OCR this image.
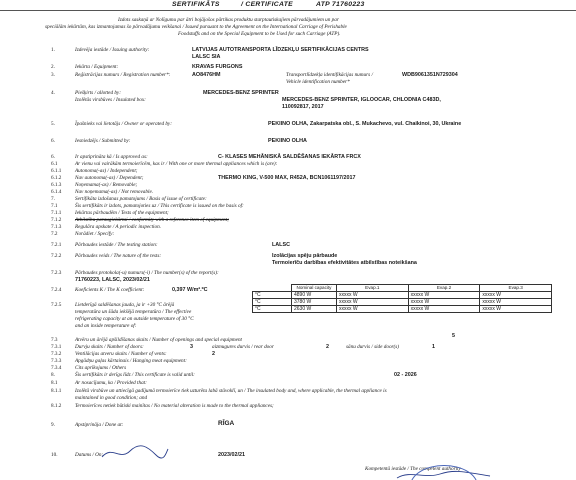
SERTIFIKĀTS	/ CERTIFICATE	ATP 71760223
Izdots saskaņā ar Nolīgumu par ātri bojājošos pārtikas produktu starptautiskajiem pārvadājumiem un par
speciālām iekārtām, kas izmantojamas šo pārvadājumu veikšanai / Issued pursuant to the Agreement on the International Carriage of Perishable
Foodstuffs and on the Special Equipment to be Used for such Carriage (ATP).
1.	Izdevēja iestāde / Issuing authority:	LATVIJAS AUTOTRANSPORTA LĪDZEKĻU SERTIFIKĀCIJAS CENTRS
LALSC SIA
2.	Iekārta / Equipment:	KRAVAS FURGONS
3.	Reģistrācijas numurs / Registration number*:	AO8476HM	Transportlīdzekļa identifikācijas numurs /
Vehicle identification number*
WDB9061351N729304
4.	Piešķirts / allotted by:	MERCEDES-BENZ SPRINTER
Izolētās virsbūves / Insulated box:	MERCEDES-BENZ SPRINTER, IGLOOCAR, CHLODNIA C483D,
110092817, 2017
5.	Īpašnieks vai lietotājs / Owner or operated by:	PEKIINO OLHA, Zakarpatska obl., S. Mukachevo, vul. Chaikinoi, 30, Ukraine
6.	Iesniedzējs / Submitted by:	PEKIINO OLHA
6.	Ir apstiprināta kā / Is approved as:	C- KLASES MEHĀNISKĀ SALDĒŠANAS IEKĀRTA FRCX
6.1	Ar vienu vai vairākām termoierīcēm, kas ir / With one or more thermal appliances which is (are):
6.1.1	Autonoma(-as) / Independent;
6.1.2	Nav autonoma(-as) / Dependent;	THERMO KING, V-500 MAX, R452A, BCN1061197/2017
6.1.3	Noņemama(-as) / Removable;
6.1.4	Nav noņemama(-as) / Not removable.
7.	Sertifikāta izdošanas pamatojums / Basis of issue of certificate:
7.1	Šis sertifikāts ir izdots, pamatojoties uz / This certificate is issued on the basis of:
7.1.1	Iekārtas pārbaudēm / Tests of the equipment;
7.1.2	Atbilstību paraugiekārtai / conformity with a reference item of equipment;
7.1.3	Regulāra apskate / A periodic inspection.
7.2	Norādiet / Specify:
7.2.1	Pārbaudes iestāde / The testing station:	LALSC
7.2.2	Pārbaudes veids / The nature of the tests:	Izolācijas spēju pārbaude
Termoierīču darbības efektivitātes atbilstības noteikšana
7.2.3	Pārbaudes protokola(-u) numurs(-i) / The number(s) of the report(s):
71760223, LALSC, 2023/02/21
7.2.4	Koeficients K / The K coefficient:	0,397 W/m².ºC
7.2.5	Lietderīgā saldēšanas jauda, ja ir +30 °C ārējā
temperatūra un šāda iekšējā temperatūra / The effective
refrigerating capacity at an outside temperature of 30 °C
and an inside temperature of:
	Nominal capacity	Evap.1	Evap.2	Evap.3
°C	4890 W	xxxxx W	xxxxx W	xxxxx W
°C	3780 W	xxxxx W	xxxxx W	xxxxx W
°C	2630 W	xxxxx W	xxxxx W	xxxxx W
7.3	Atvēru un ārējā apšildīšanas skaits / Number of openings and special equipment
5
7.3.1	Durvju skaits / Number of doors:	3	aizmugures durvis / rear door	2	sānu durvis / side door(s)	1
7.3.2	Ventilācijas atveru skaits / Number of vents:	2
7.3.3	Apgādņu gaļas kārtainais / Hanging meat equipment:
7.3.4	Cits aprīkojums / Others
8.	Šis sertifikāts ir derīgs līdz / This certificate is valid until:	02 - 2026
8.1	Ar nosacījumu, ka / Provided that:
8.1.1	Izolētā virsbūve un attiecīgā gadījumā termoierīce tiek uzturēta labā stāvoklī, un / The insulated body and, where applicable, the thermal appliance is
maintained in good condition; and
8.1.2	Termoierīces netiek būtiski mainītas / No material alteration is made to the thermal appliances;
9.	Apstiprināja / Done at:	RĪGA
10.	Datums / On:	2023/02/21
Kompetentā iestāde / The competent authority
